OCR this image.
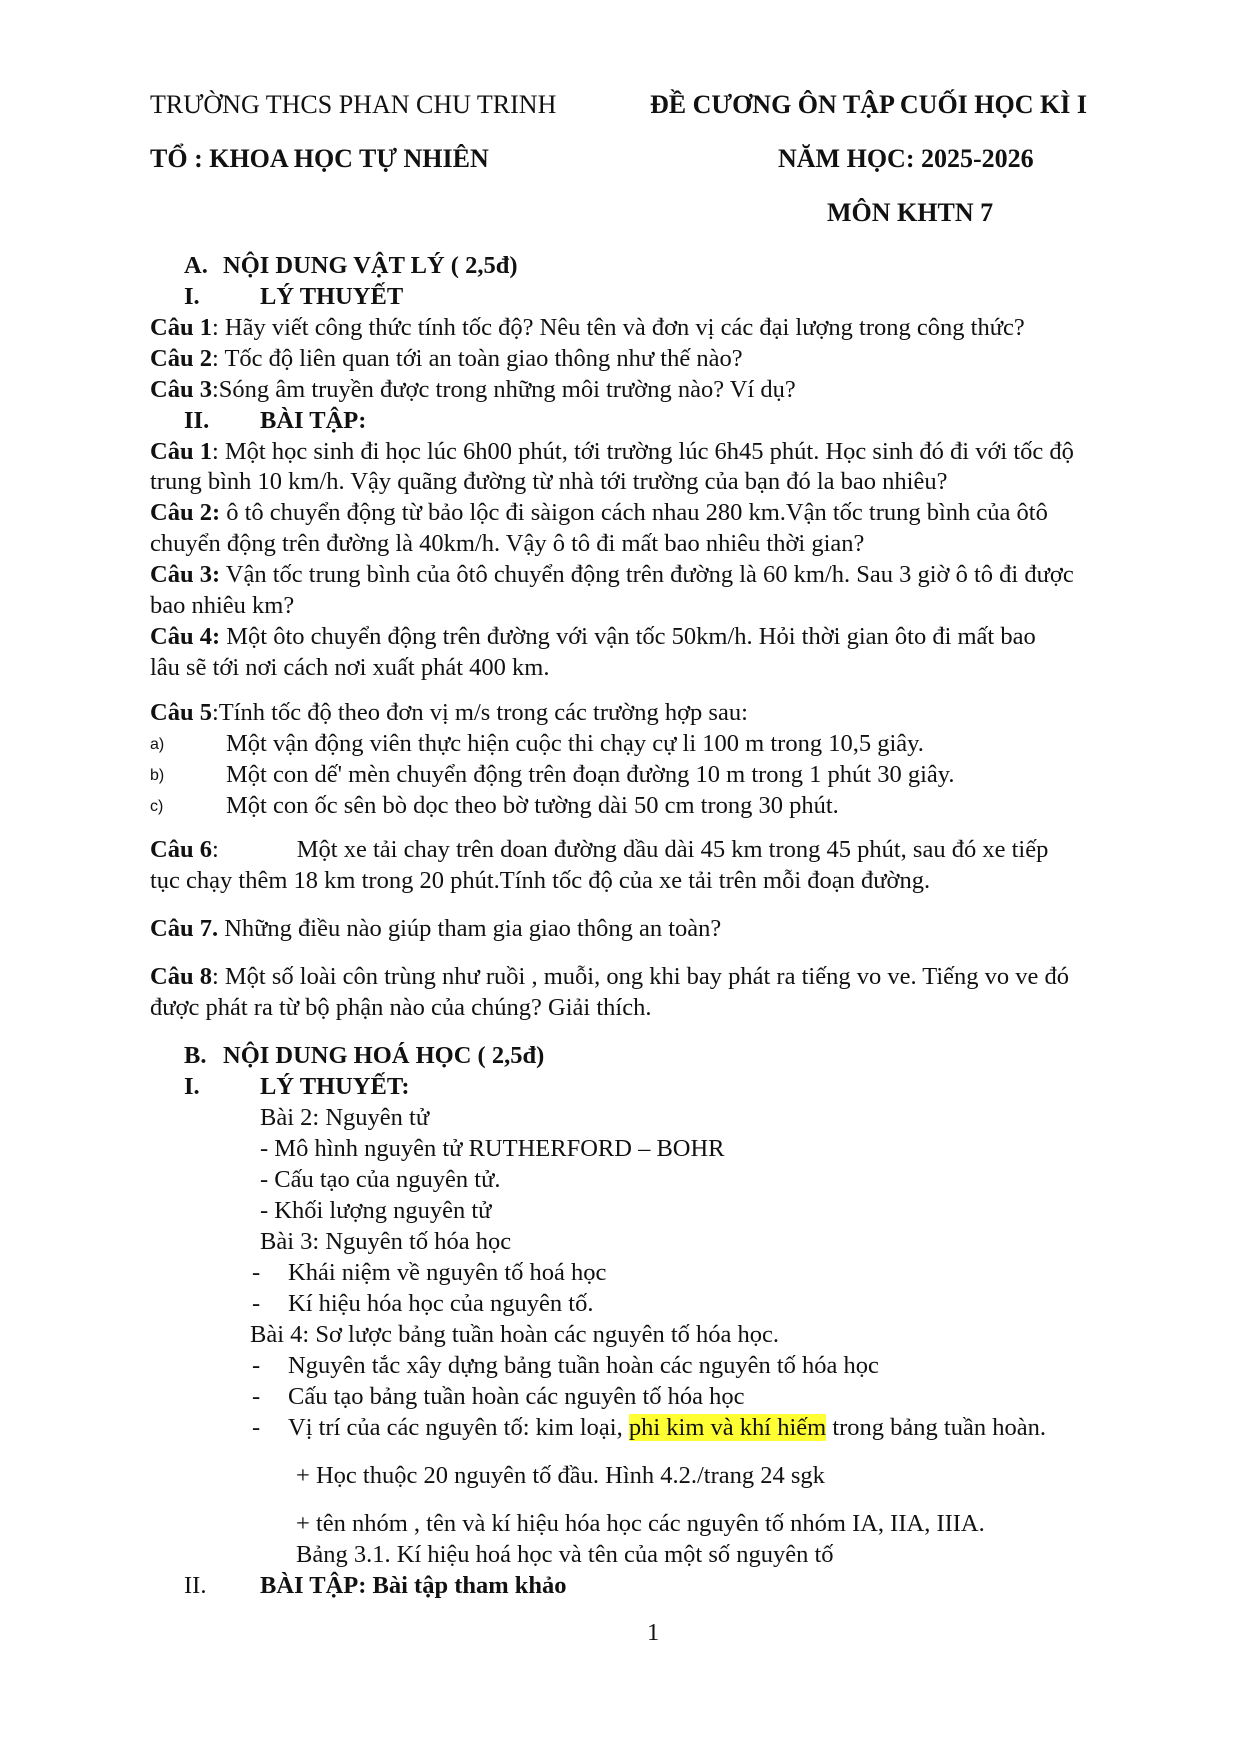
TRƯỜNG THCS PHAN CHU TRINH	ĐỀ CƯƠNG ÔN TẬP CUỐI HỌC KÌ I
TỔ : KHOA HỌC TỰ NHIÊN	NĂM HỌC: 2025-2026
MÔN KHTN 7
A. NỘI DUNG VẬT LÝ ( 2,5đ)
I. LÝ THUYẾT
Câu 1: Hãy viết công thức tính tốc độ? Nêu tên và đơn vị các đại lượng trong công thức?
Câu 2: Tốc độ liên quan tới an toàn giao thông như thế nào?
Câu 3:Sóng âm truyền được trong những môi trường nào? Ví dụ?
II. BÀI TẬP:
Câu 1: Một học sinh đi học lúc 6h00 phút, tới trường lúc 6h45 phút. Học sinh đó đi với tốc độ
trung bình 10 km/h. Vậy quãng đường từ nhà tới trường của bạn đó la bao nhiêu?
Câu 2: ô tô chuyển động từ bảo lộc đi sàigon cách nhau 280 km.Vận tốc trung bình của ôtô
chuyển động trên đường là 40km/h. Vậy ô tô đi mất bao nhiêu thời gian?
Câu 3: Vận tốc trung bình của ôtô chuyển động trên đường là 60 km/h. Sau 3 giờ ô tô đi được
bao nhiêu km?
Câu 4: Một ôto chuyển động trên đường với vận tốc 50km/h. Hỏi thời gian ôto đi mất bao
lâu sẽ tới nơi cách nơi xuất phát 400 km.
Câu 5:Tính tốc độ theo đơn vị m/s trong các trường hợp sau:
a)	Một vận động viên thực hiện cuộc thi chạy cự li 100 m trong 10,5 giây.
b)	Một con dế' mèn chuyển động trên đoạn đường 10 m trong 1 phút 30 giây.
c)	Một con ốc sên bò dọc theo bờ tường dài 50 cm trong 30 phút.
Câu 6:	Một xe tải chay trên doan đường dầu dài 45 km trong 45 phút, sau đó xe tiếp
tục chạy thêm 18 km trong 20 phút.Tính tốc độ của xe tải trên mỗi đoạn đường.
Câu 7. Những điều nào giúp tham gia giao thông an toàn?
Câu 8: Một số loài côn trùng như ruồi , muỗi, ong khi bay phát ra tiếng vo ve. Tiếng vo ve đó
được phát ra từ bộ phận nào của chúng? Giải thích.
B. NỘI DUNG HOÁ HỌC ( 2,5đ)
I. LÝ THUYẾT:
Bài 2: Nguyên tử
- Mô hình nguyên tử RUTHERFORD – BOHR
- Cấu tạo của nguyên tử.
- Khối lượng nguyên tử
Bài 3: Nguyên tố hóa học
- Khái niệm về nguyên tố hoá học
- Kí hiệu hóa học của nguyên tố.
Bài 4: Sơ lược bảng tuần hoàn các nguyên tố hóa học.
- Nguyên tắc xây dựng bảng tuần hoàn các nguyên tố hóa học
- Cấu tạo bảng tuần hoàn các nguyên tố hóa học
- Vị trí của các nguyên tố: kim loại, phi kim và khí hiếm trong bảng tuần hoàn.
+ Học thuộc 20 nguyên tố đầu. Hình 4.2./trang 24 sgk
+ tên nhóm , tên và kí hiệu hóa học các nguyên tố nhóm IA, IIA, IIIA.
Bảng 3.1. Kí hiệu hoá học và tên của một số nguyên tố
II. BÀI TẬP: Bài tập tham khảo
1
